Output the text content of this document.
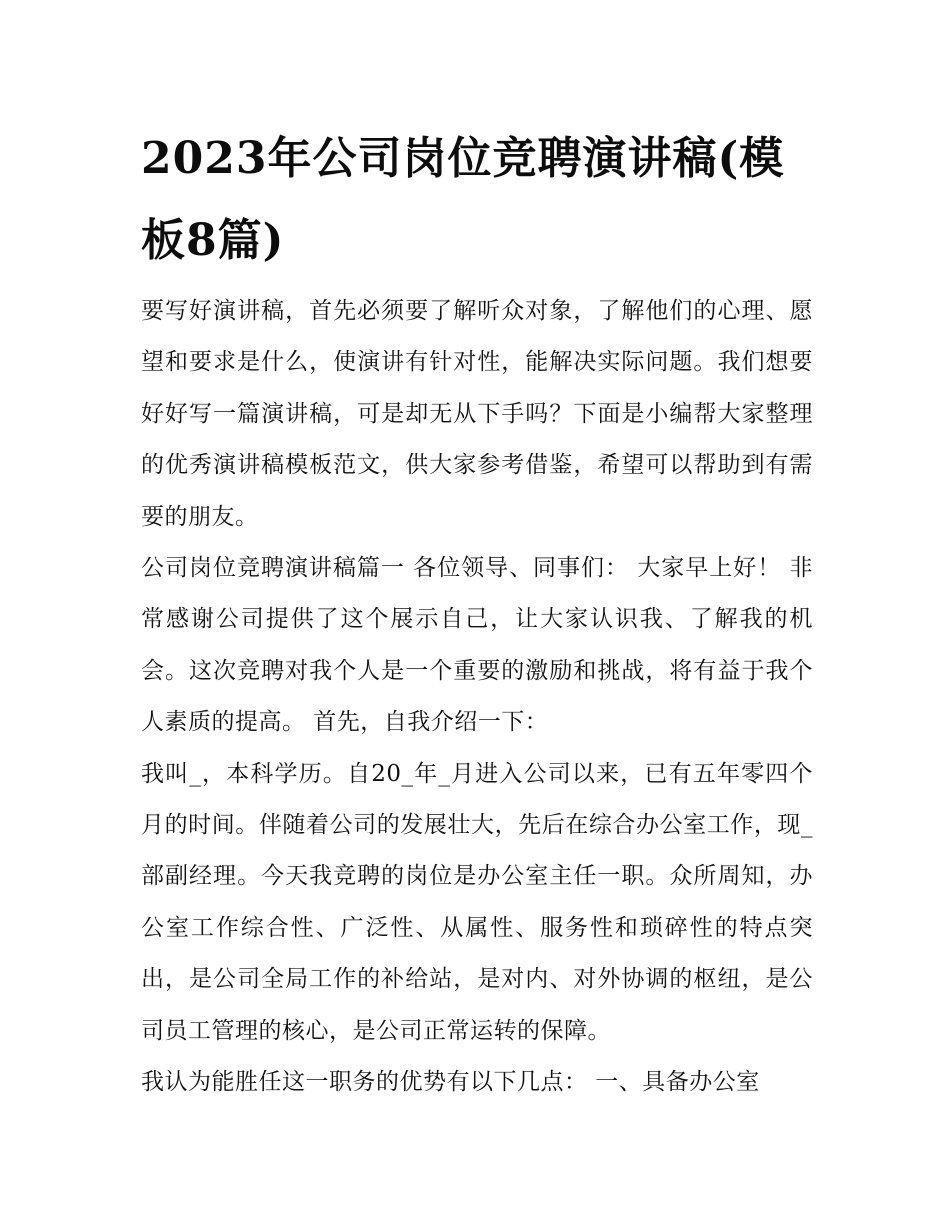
2023年公司岗位竞聘演讲稿(模板8篇)

要写好演讲稿，首先必须要了解听众对象，了解他们的心理、愿望和要求是什么，使演讲有针对性，能解决实际问题。我们想要好好写一篇演讲稿，可是却无从下手吗？下面是小编帮大家整理的优秀演讲稿模板范文，供大家参考借鉴，希望可以帮助到有需要的朋友。

公司岗位竞聘演讲稿篇一 各位领导、同事们： 大家早上好！ 非常感谢公司提供了这个展示自己，让大家认识我、了解我的机会。这次竞聘对我个人是一个重要的激励和挑战，将有益于我个人素质的提高。 首先，自我介绍一下：

我叫_，本科学历。自20_年_月进入公司以来，已有五年零四个月的时间。伴随着公司的发展壮大，先后在综合办公室工作，现_部副经理。今天我竞聘的岗位是办公室主任一职。众所周知，办公室工作综合性、广泛性、从属性、服务性和琐碎性的特点突出，是公司全局工作的补给站，是对内、对外协调的枢纽，是公司员工管理的核心，是公司正常运转的保障。

我认为能胜任这一职务的优势有以下几点： 一、具备办公室
